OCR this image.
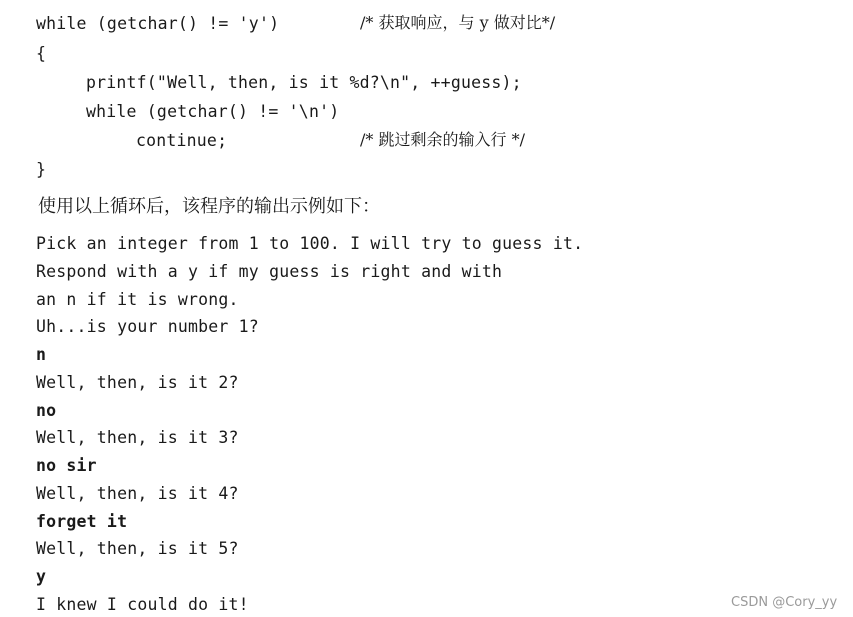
while (getchar() != 'y')	/* 获取响应，与 y 做对比*/
{
printf("Well, then, is it %d?\n", ++guess);
while (getchar() != '\n')
continue;	/* 跳过剩余的输入行 */
}
使用以上循环后，该程序的输出示例如下：
Pick an integer from 1 to 100. I will try to guess it.
Respond with a y if my guess is right and with
an n if it is wrong.
Uh...is your number 1?
n
Well, then, is it 2?
no
Well, then, is it 3?
no sir
Well, then, is it 4?
forget it
Well, then, is it 5?
y
I knew I could do it!	CSDN @Cory_yy
